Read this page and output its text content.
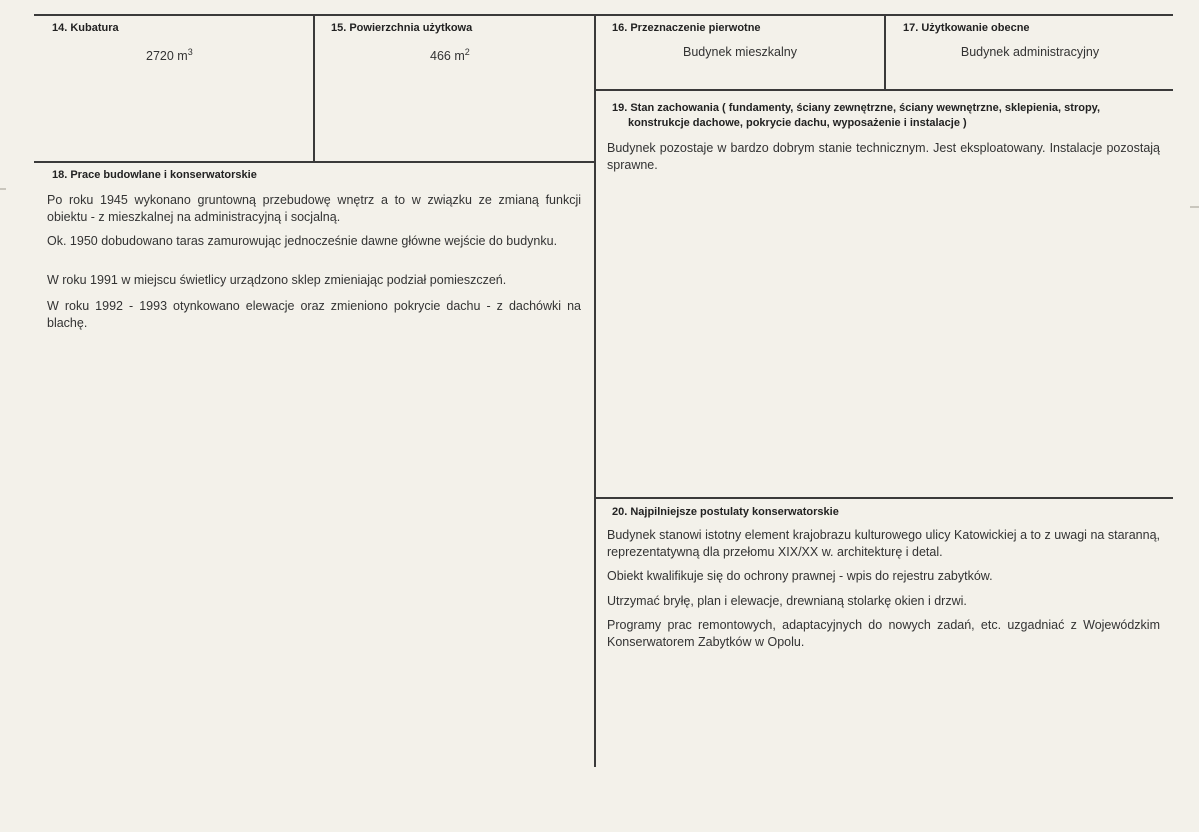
14. Kubatura
2720 $m^3$
15. Powierzchnia użytkowa
466 $m^2$
16. Przeznaczenie pierwotne
Budynek mieszkalny
17. Użytkowanie obecne
Budynek administracyjny
18. Prace budowlane i konserwatorskie
Po roku 1945 wykonano gruntowną przebudowę wnętrz a to w związku ze zmianą funkcji obiektu - z mieszkalnej na administracyjną i socjalną.
Ok. 1950 dobudowano taras zamurowując jednocześnie dawne główne wejście do budynku.
W roku 1991 w miejscu świetlicy urządzono sklep zmieniając podział pomieszczeń.
W roku 1992 - 1993 otynkowano elewacje oraz zmieniono pokrycie dachu - z dachówki na blachę.
19. Stan zachowania ( fundamenty, ściany zewnętrzne, ściany wewnętrzne, sklepienia, stropy,
konstrukcje dachowe, pokrycie dachu, wyposażenie i instalacje )
Budynek pozostaje w bardzo dobrym stanie technicznym. Jest eksploatowany. Instalacje pozostają sprawne.
20. Najpilniejsze postulaty konserwatorskie
Budynek stanowi istotny element krajobrazu kulturowego ulicy Katowickiej a to z uwagi na staranną, reprezentatywną dla przełomu XIX/XX w. architekturę i detal.
Obiekt kwalifikuje się do ochrony prawnej - wpis do rejestru zabytków.
Utrzymać bryłę, plan i elewacje, drewnianą stolarkę okien i drzwi.
Programy prac remontowych, adaptacyjnych do nowych zadań, etc. uzgadniać z Wojewódzkim Konserwatorem Zabytków w Opolu.
